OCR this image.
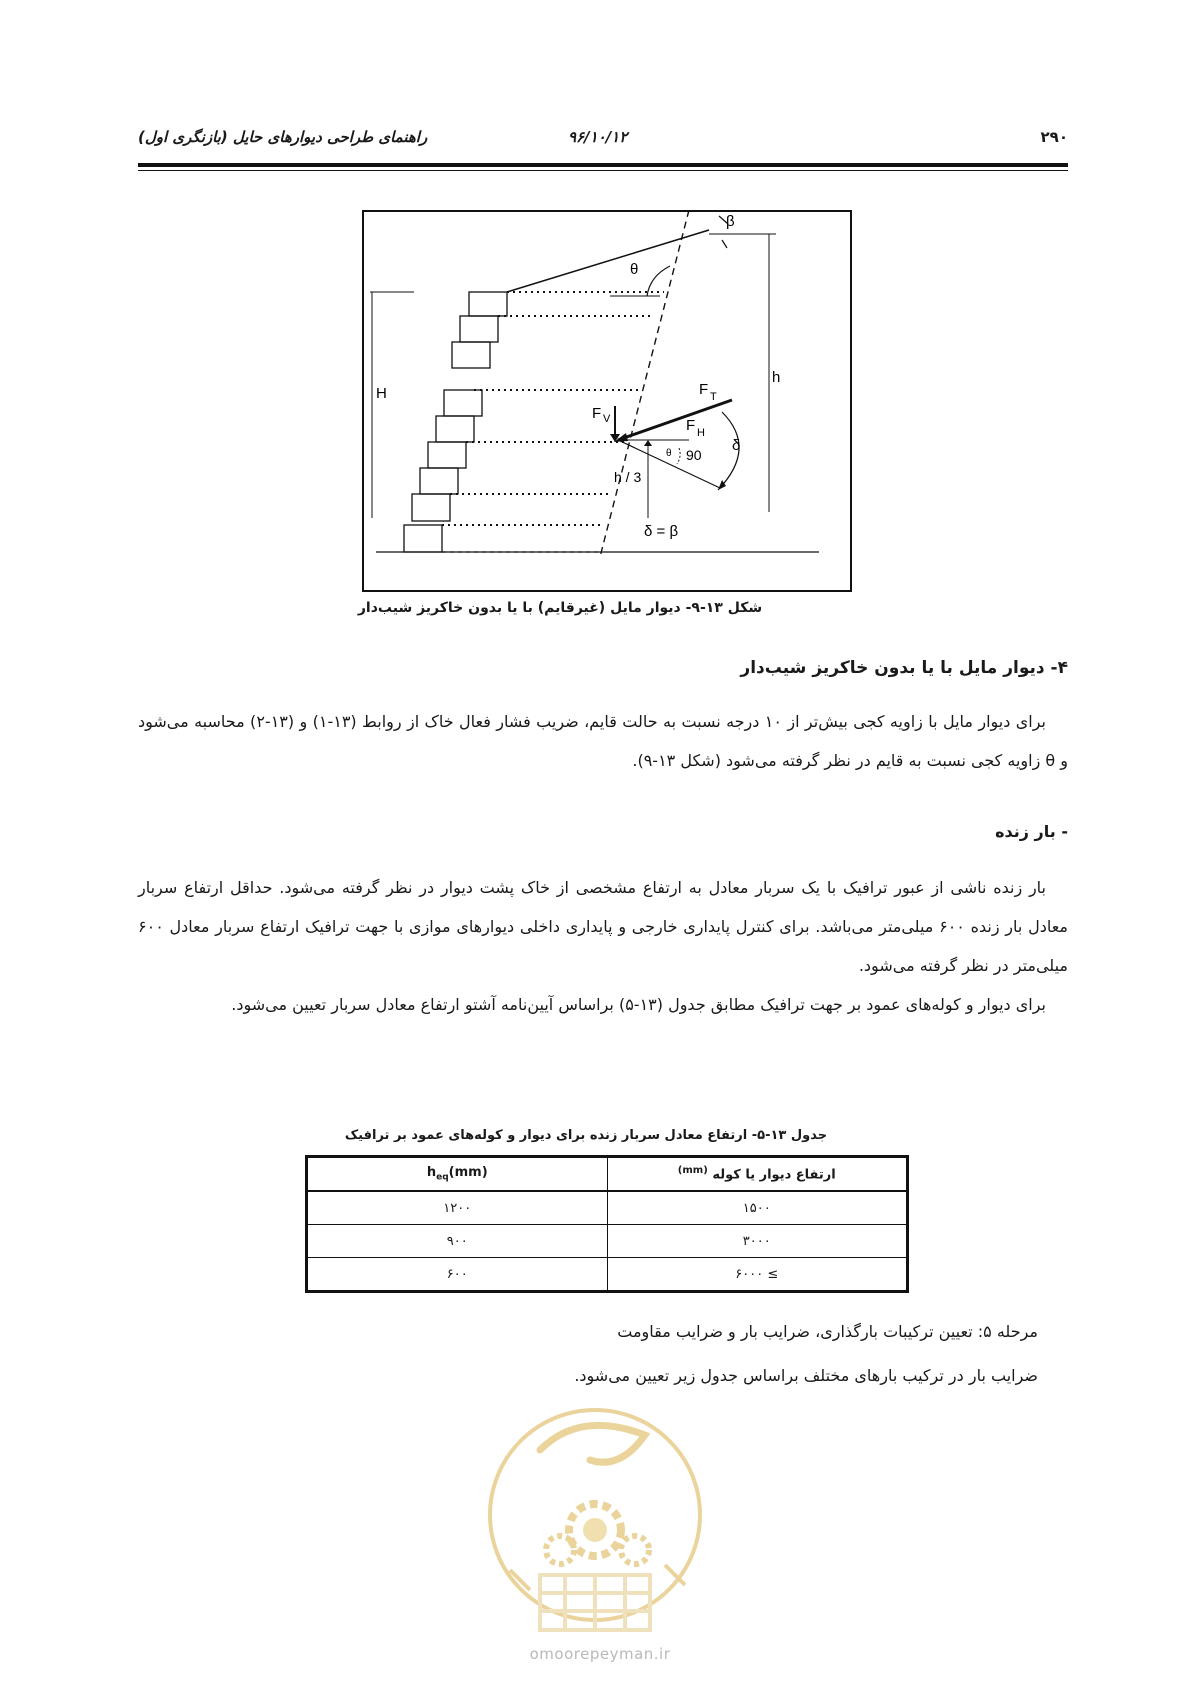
راهنمای طراحی دیوارهای حایل (بازنگری اول)	۹۶/۱۰/۱۲	۲۹۰
β
θ
H
h
F T
F V	F H
δ
θ 90
h / 3
δ = β
شکل ۱۳-۹- دیوار مایل (غیرقایم) با یا بدون خاکریز شیب‌دار
۴- دیوار مایل با یا بدون خاکریز شیب‌دار

برای دیوار مایل با زاویه کجی بیش‌تر از ۱۰ درجه نسبت به حالت قایم، ضریب فشار فعال خاک از روابط (۱۳-۱) و (۱۳-۲) محاسبه می‌شود و θ زاویه کجی نسبت به قایم در نظر گرفته می‌شود (شکل ۱۳-۹).

- بار زنده

بار زنده ناشی از عبور ترافیک با یک سربار معادل به ارتفاع مشخصی از خاک پشت دیوار در نظر گرفته می‌شود. حداقل ارتفاع سربار معادل بار زنده ۶۰۰ میلی‌متر می‌باشد. برای کنترل پایداری خارجی و پایداری داخلی دیوارهای موازی با جهت ترافیک ارتفاع سربار معادل ۶۰۰ میلی‌متر در نظر گرفته می‌شود.

برای دیوار و کوله‌های عمود بر جهت ترافیک مطابق جدول (۱۳-۵) براساس آیین‌نامه آشتو ارتفاع معادل سربار تعیین می‌شود.

جدول ۱۳-۵- ارتفاع معادل سربار زنده برای دیوار و کوله‌های عمود بر ترافیک
$h_{eq}(mm)$	ارتفاع دیوار یا کوله $^{(mm)}$
۱۲۰۰	۱۵۰۰
۹۰۰	۳۰۰۰
۶۰۰	≥ ۶۰۰۰

مرحله ۵: تعیین ترکیبات بارگذاری، ضرایب بار و ضرایب مقاومت

ضرایب بار در ترکیب بارهای مختلف براساس جدول زیر تعیین می‌شود.

omoorepeyman.ir
